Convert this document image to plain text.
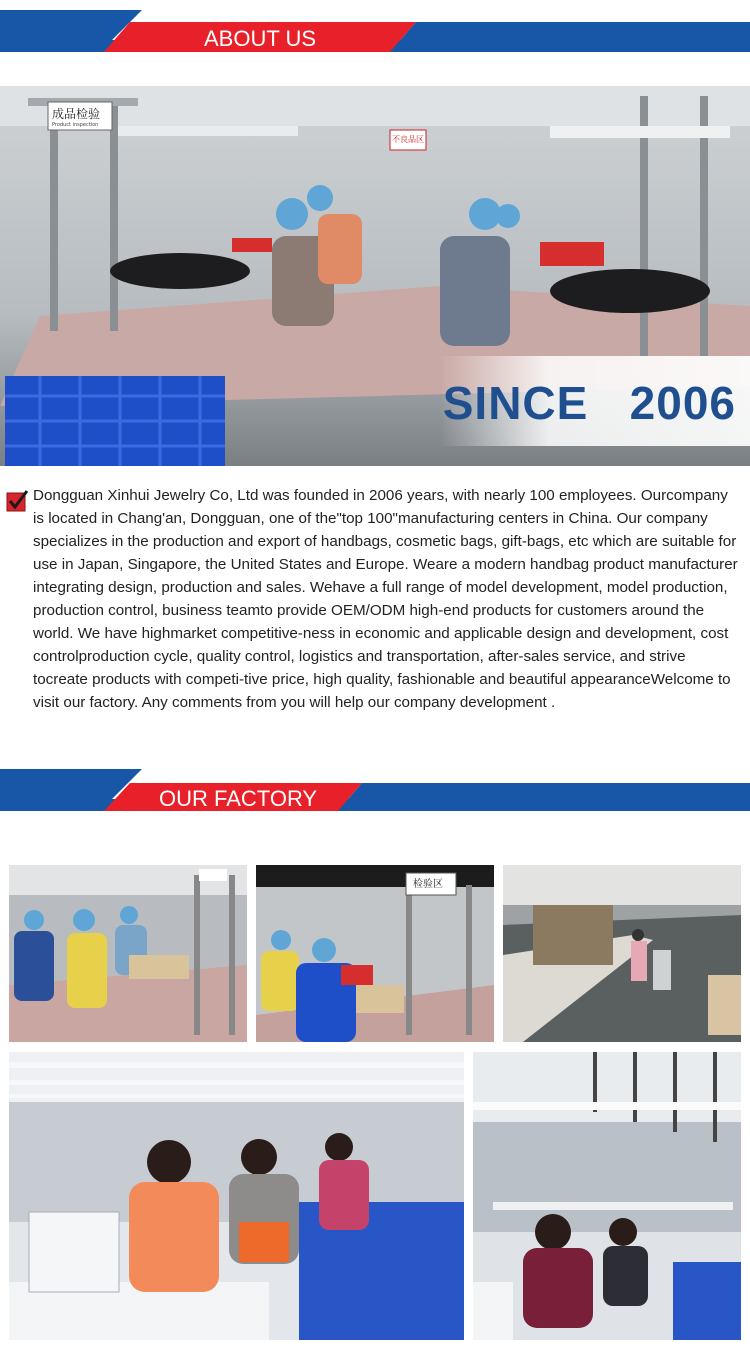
ABOUT US
成品检验
Product inspection
不良品区
SINCE   2006
Dongguan Xinhui Jewelry Co, Ltd was founded in 2006 years, with nearly 100 employees. Ourcompany is located in Chang'an, Dongguan, one of the"top 100"manufacturing centers in China. Our company specializes in the production and export of handbags, cosmetic bags, gift-bags, etc which are suitable for use in Japan, Singapore, the United States and Europe. Weare a modern handbag product manufacturer integrating design, production and sales. Wehave a full range of model development, model production, production control, business teamto provide OEM/ODM high-end products for customers around the world. We have highmarket competitive-ness in economic and applicable design and development, cost controlproduction cycle, quality control, logistics and transportation, after-sales service, and strive tocreate products with competi-tive price, high quality, fashionable and beautiful appearanceWelcome to visit our factory. Any comments from you will help our company development .
OUR FACTORY
检验区
